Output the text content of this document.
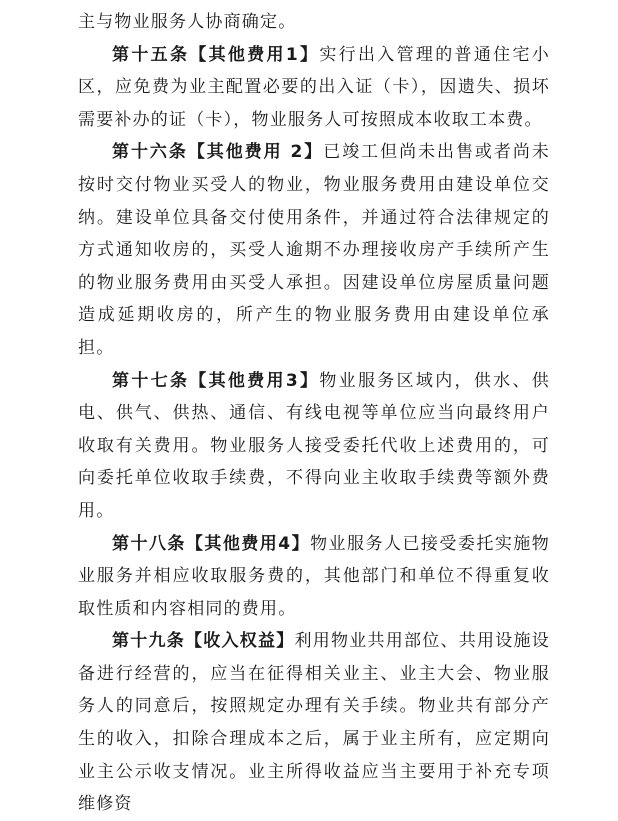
主与物业服务人协商确定。

第十五条【其他费用1】实行出入管理的普通住宅小区，应免费为业主配置必要的出入证（卡），因遗失、损坏需要补办的证（卡），物业服务人可按照成本收取工本费。

第十六条【其他费用 2】已竣工但尚未出售或者尚未按时交付物业买受人的物业，物业服务费用由建设单位交纳。建设单位具备交付使用条件，并通过符合法律规定的方式通知收房的，买受人逾期不办理接收房产手续所产生的物业服务费用由买受人承担。因建设单位房屋质量问题造成延期收房的，所产生的物业服务费用由建设单位承担。

第十七条【其他费用3】物业服务区域内，供水、供电、供气、供热、通信、有线电视等单位应当向最终用户收取有关费用。物业服务人接受委托代收上述费用的，可向委托单位收取手续费，不得向业主收取手续费等额外费用。

第十八条【其他费用4】物业服务人已接受委托实施物业服务并相应收取服务费的，其他部门和单位不得重复收取性质和内容相同的费用。

第十九条【收入权益】利用物业共用部位、共用设施设备进行经营的，应当在征得相关业主、业主大会、物业服务人的同意后，按照规定办理有关手续。物业共有部分产生的收入，扣除合理成本之后，属于业主所有，应定期向业主公示收支情况。业主所得收益应当主要用于补充专项维修资
